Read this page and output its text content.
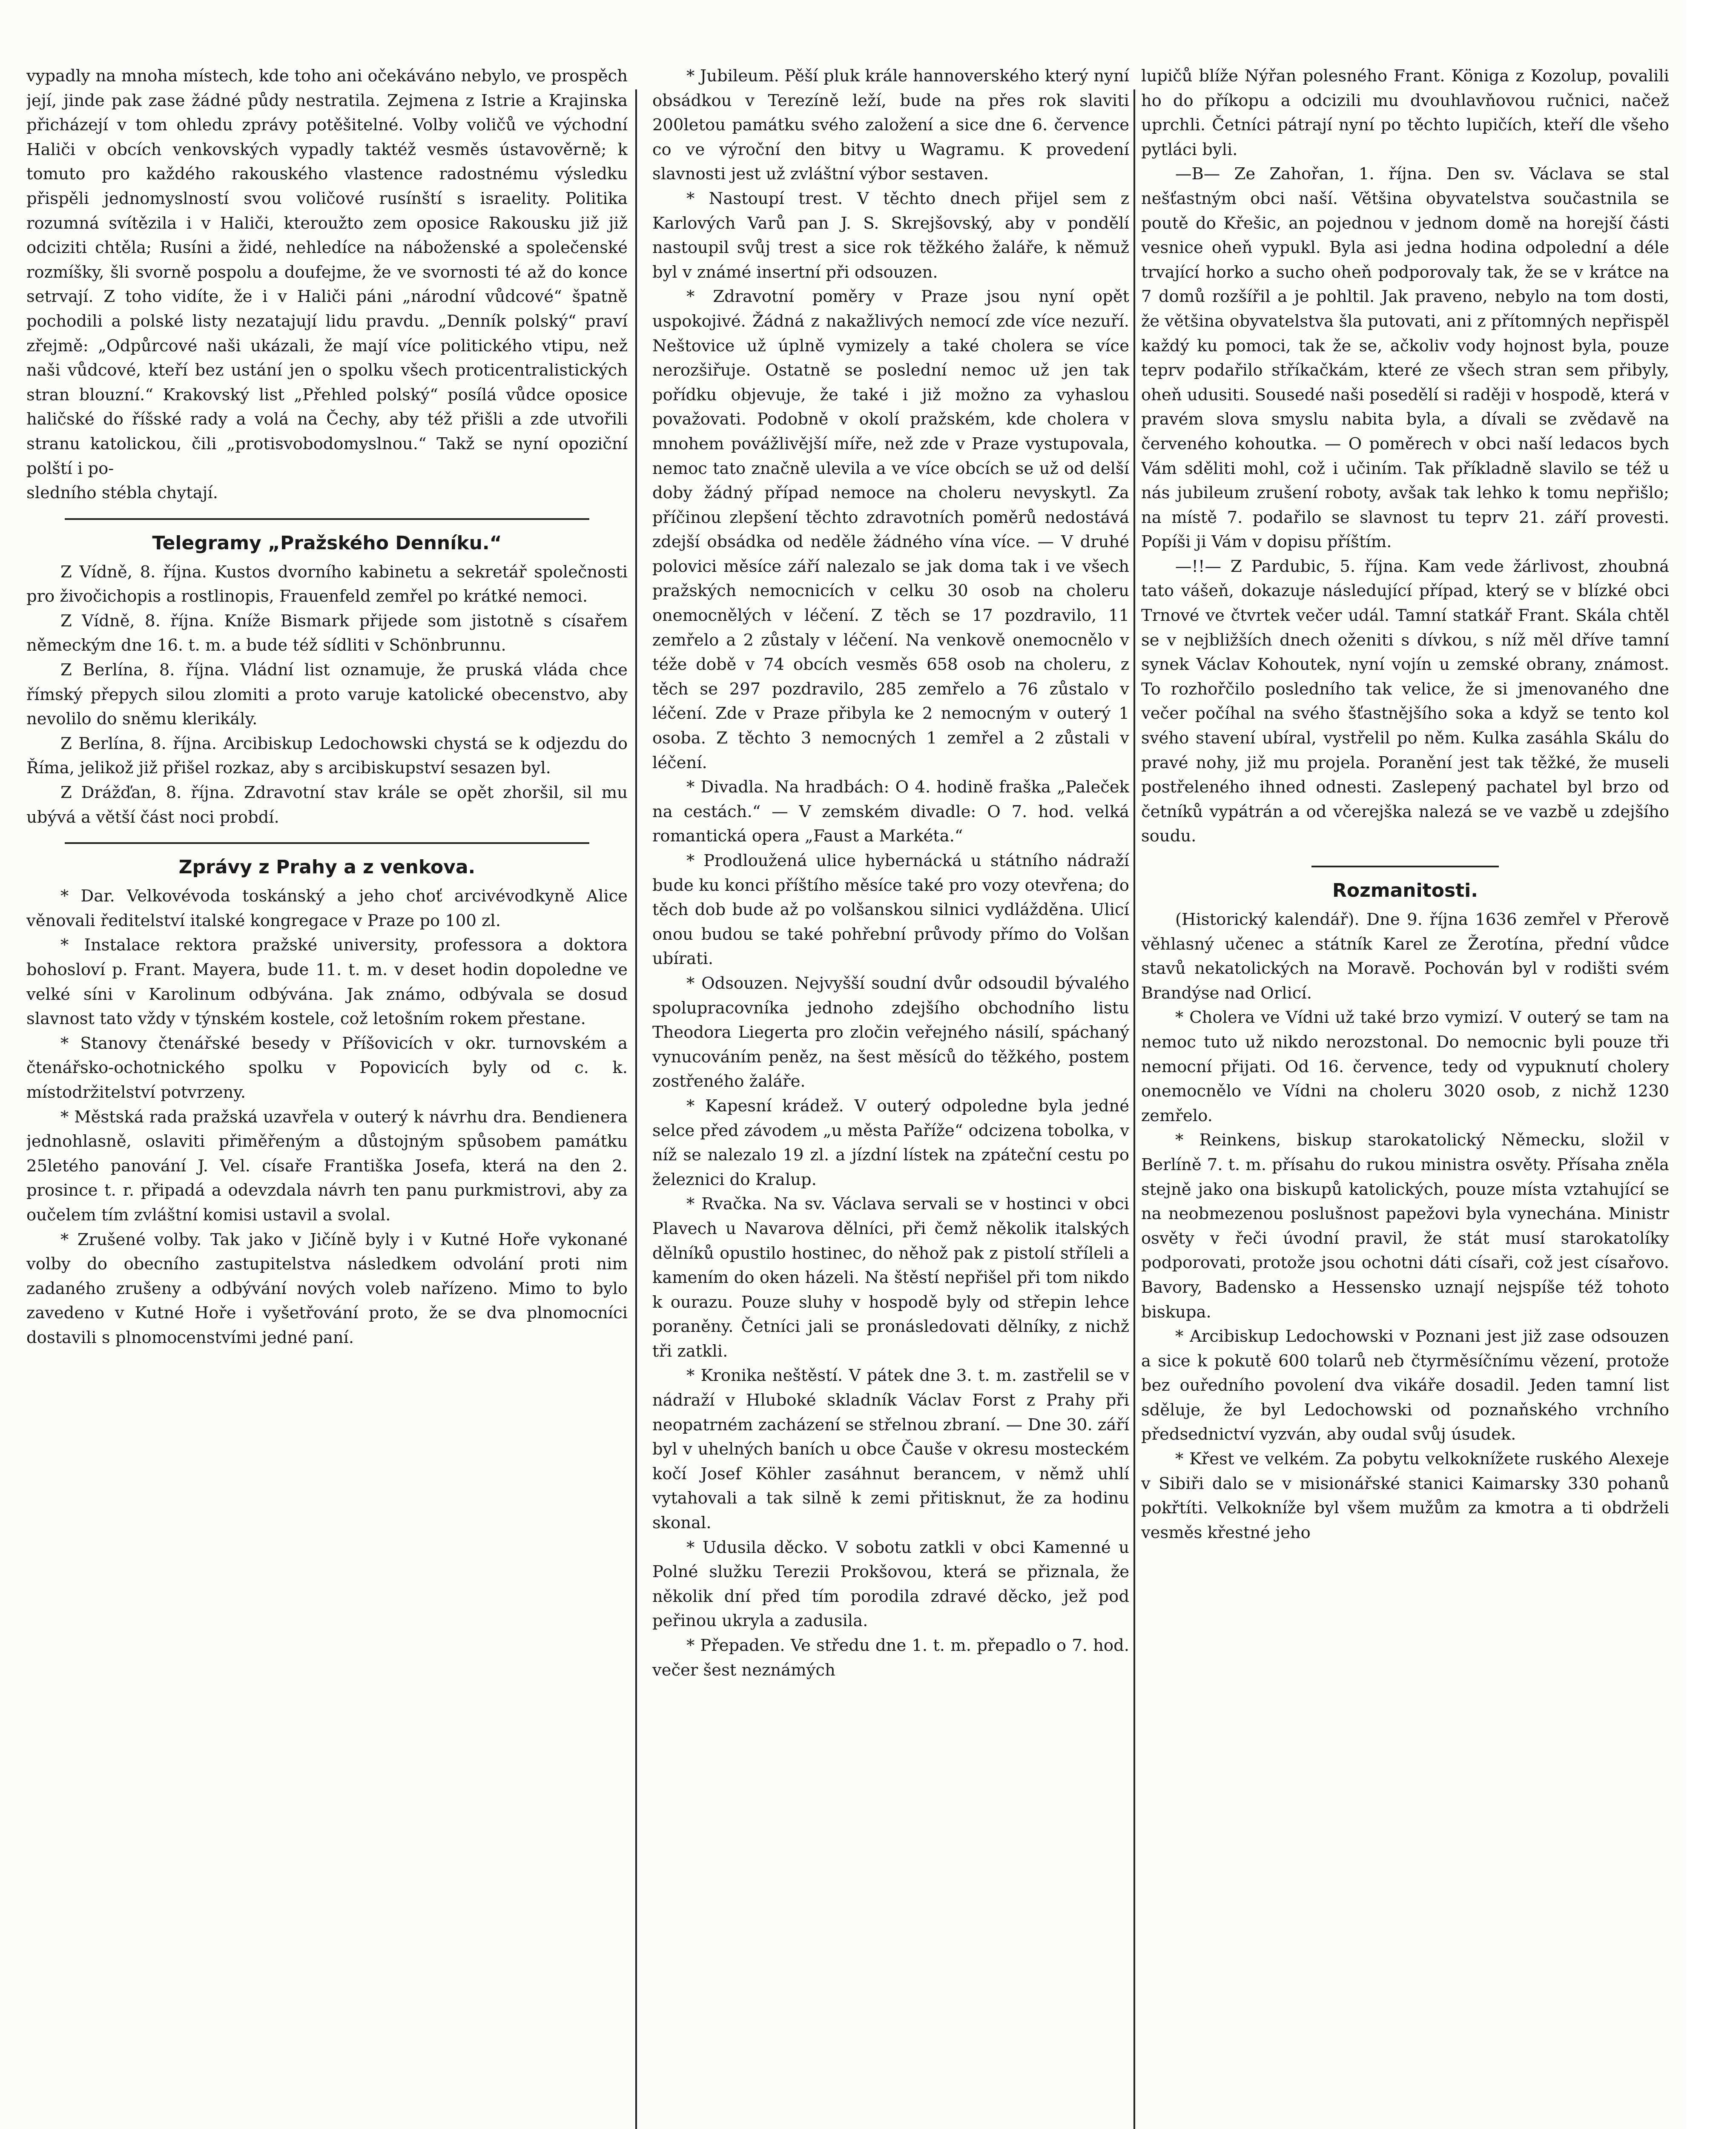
vypadly na mnoha místech, kde toho ani očekáváno nebylo, ve prospěch její, jinde pak zase žádné půdy nestratila. Zejmena z Istrie a Krajinska přicházejí v tom ohledu zprávy potěšitelné. Volby voličů ve východní Haliči v obcích venkovských vypadly taktéž vesměs ústavověrně; k tomuto pro každého rakouského vlastence radostnému výsledku přispěli jednomyslností svou voličové rusínští s israelity. Politika rozumná svítězila i v Haliči, kteroužto zem oposice Rakousku již již odciziti chtěla; Rusíni a židé, nehledíce na náboženské a společenské rozmíšky, šli svorně pospolu a doufejme, že ve svornosti té až do konce setrvají. Z toho vidíte, že i v Haliči páni „národní vůdcové“ špatně pochodili a polské listy nezatajují lidu pravdu. „Denník polský“ praví zřejmě: „Odpůrcové naši ukázali, že mají více politického vtipu, než naši vůdcové, kteří bez ustání jen o spolku všech proticentralistických stran blouzní.“ Krakovský list „Přehled polský“ posílá vůdce oposice haličské do říšské rady a volá na Čechy, aby též přišli a zde utvořili stranu katolickou, čili „protisvobodomyslnou.“ Takž se nyní opoziční polští i po-

sledního stébla chytají.

Telegramy „Pražského Denníku.“

Z Vídně, 8. října. Kustos dvorního kabinetu a sekretář společnosti pro živočichopis a rostlinopis, Frauenfeld zemřel po krátké nemoci.

Z Vídně, 8. října. Kníže Bismark přijede som jistotně s císařem německým dne 16. t. m. a bude též sídliti v Schönbrunnu.

Z Berlína, 8. října. Vládní list oznamuje, že pruská vláda chce římský přepych silou zlomiti a proto varuje katolické obecenstvo, aby nevolilo do sněmu klerikály.

Z Berlína, 8. října. Arcibiskup Ledochowski chystá se k odjezdu do Říma, jelikož již přišel rozkaz, aby s arcibiskupství sesazen byl.

Z Drážďan, 8. října. Zdravotní stav krále se opět zhoršil, sil mu ubývá a větší část noci probdí.

Zprávy z Prahy a z venkova.

* Dar. Velkovévoda toskánský a jeho choť arcivévodkyně Alice věnovali ředitelství italské kongregace v Praze po 100 zl.

* Instalace rektora pražské university, professora a doktora bohosloví p. Frant. Mayera, bude 11. t. m. v deset hodin dopoledne ve velké síni v Karolinum odbývána. Jak známo, odbývala se dosud slavnost tato vždy v týnském kostele, což letošním rokem přestane.

* Stanovy čtenářské besedy v Příšovicích v okr. turnovském a čtenářsko-ochotnického spolku v Popovicích byly od c. k. místodržitelství potvrzeny.

* Městská rada pražská uzavřela v outerý k návrhu dra. Bendienera jednohlasně, oslaviti přiměřeným a důstojným spůsobem památku 25letého panování J. Vel. císaře Františka Josefa, která na den 2. prosince t. r. připadá a odevzdala návrh ten panu purkmistrovi, aby za oučelem tím zvláštní komisi ustavil a svolal.

* Zrušené volby. Tak jako v Jičíně byly i v Kutné Hoře vykonané volby do obecního zastupitelstva následkem odvolání proti nim zadaného zrušeny a odbývání nových voleb nařízeno. Mimo to bylo zavedeno v Kutné Hoře i vyšetřování proto, že se dva plnomocníci dostavili s plnomocenstvími jedné paní.

* Jubileum. Pěší pluk krále hannoverského který nyní obsádkou v Terezíně leží, bude na přes rok slaviti 200letou památku svého založení a sice dne 6. července co ve výroční den bitvy u Wagramu. K provedení slavnosti jest už zvláštní výbor sestaven.

* Nastoupí trest. V těchto dnech přijel sem z Karlových Varů pan J. S. Skrejšovský, aby v pondělí nastoupil svůj trest a sice rok těžkého žaláře, k němuž byl v známé insertní při odsouzen.

* Zdravotní poměry v Praze jsou nyní opět uspokojivé. Žádná z nakažlivých nemocí zde více nezuří. Neštovice už úplně vymizely a také cholera se více nerozšiřuje. Ostatně se poslední nemoc už jen tak pořídku objevuje, že také i již možno za vyhaslou považovati. Podobně v okolí pražském, kde cholera v mnohem povážlivější míře, než zde v Praze vystupovala, nemoc tato značně ulevila a ve více obcích se už od delší doby žádný případ nemoce na choleru nevyskytl. Za příčinou zlepšení těchto zdravotních poměrů nedostává zdejší obsádka od neděle žádného vína více. — V druhé polovici měsíce září nalezalo se jak doma tak i ve všech pražských nemocnicích v celku 30 osob na choleru onemocnělých v léčení. Z těch se 17 pozdravilo, 11 zemřelo a 2 zůstaly v léčení. Na venkově onemocnělo v téže době v 74 obcích vesměs 658 osob na choleru, z těch se 297 pozdravilo, 285 zemřelo a 76 zůstalo v léčení. Zde v Praze přibyla ke 2 nemocným v outerý 1 osoba. Z těchto 3 nemocných 1 zemřel a 2 zůstali v léčení.

* Divadla. Na hradbách: O 4. hodině fraška „Paleček na cestách.“ — V zemském divadle: O 7. hod. velká romantická opera „Faust a Markéta.“

* Prodloužená ulice hybernácká u státního nádraží bude ku konci příštího měsíce také pro vozy otevřena; do těch dob bude až po volšanskou silnici vydlážděna. Ulicí onou budou se také pohřební průvody přímo do Volšan ubírati.

* Odsouzen. Nejvyšší soudní dvůr odsoudil bývalého spolupracovníka jednoho zdejšího obchodního listu Theodora Liegerta pro zločin veřejného násilí, spáchaný vynucováním peněz, na šest měsíců do těžkého, postem zostřeného žaláře.

* Kapesní krádež. V outerý odpoledne byla jedné selce před závodem „u města Paříže“ odcizena tobolka, v níž se nalezalo 19 zl. a jízdní lístek na zpáteční cestu po železnici do Kralup.

* Rvačka. Na sv. Václava servali se v hostinci v obci Plavech u Navarova dělníci, při čemž několik italských dělníků opustilo hostinec, do něhož pak z pistolí stříleli a kamením do oken házeli. Na štěstí nepřišel při tom nikdo k ourazu. Pouze sluhy v hospodě byly od střepin lehce poraněny. Četníci jali se pronásledovati dělníky, z nichž tři zatkli.

* Kronika neštěstí. V pátek dne 3. t. m. zastřelil se v nádraží v Hluboké skladník Václav Forst z Prahy při neopatrném zacházení se střelnou zbraní. — Dne 30. září byl v uhelných baních u obce Čauše v okresu mosteckém kočí Josef Köhler zasáhnut berancem, v němž uhlí vytahovali a tak silně k zemi přitisknut, že za hodinu skonal.

* Udusila děcko. V sobotu zatkli v obci Kamenné u Polné služku Terezii Prokšovou, která se přiznala, že několik dní před tím porodila zdravé děcko, jež pod peřinou ukryla a zadusila.

* Přepaden. Ve středu dne 1. t. m. přepadlo o 7. hod. večer šest neznámých

lupičů blíže Nýřan polesného Frant. Königa z Kozolup, povalili ho do příkopu a odcizili mu dvouhlavňovou ručnici, načež uprchli. Četníci pátrají nyní po těchto lupičích, kteří dle všeho pytláci byli.

—B— Ze Zahořan, 1. října. Den sv. Václava se stal nešťastným obci naší. Většina obyvatelstva součastnila se poutě do Křešic, an pojednou v jednom domě na horejší části vesnice oheň vypukl. Byla asi jedna hodina odpolední a déle trvající horko a sucho oheň podporovaly tak, že se v krátce na 7 domů rozšířil a je pohltil. Jak praveno, nebylo na tom dosti, že většina obyvatelstva šla putovati, ani z přítomných nepřispěl každý ku pomoci, tak že se, ačkoliv vody hojnost byla, pouze teprv podařilo stříkačkám, které ze všech stran sem přibyly, oheň udusiti. Sousedé naši posedělí si raději v hospodě, která v pravém slova smyslu nabita byla, a dívali se zvědavě na červeného kohoutka. — O poměrech v obci naší ledacos bych Vám sděliti mohl, což i učiním. Tak příkladně slavilo se též u nás jubileum zrušení roboty, avšak tak lehko k tomu nepřišlo; na místě 7. podařilo se slavnost tu teprv 21. září provesti. Popíši ji Vám v dopisu příštím.

—!!— Z Pardubic, 5. října. Kam vede žárlivost, zhoubná tato vášeň, dokazuje následující případ, který se v blízké obci Trnové ve čtvrtek večer udál. Tamní statkář Frant. Skála chtěl se v nejbližších dnech oženiti s dívkou, s níž měl dříve tamní synek Václav Kohoutek, nyní vojín u zemské obrany, známost. To rozhořčilo posledního tak velice, že si jmenovaného dne večer počíhal na svého šťastnějšího soka a když se tento kol svého stavení ubíral, vystřelil po něm. Kulka zasáhla Skálu do pravé nohy, již mu projela. Poranění jest tak těžké, že museli postřeleného ihned odnesti. Zaslepený pachatel byl brzo od četníků vypátrán a od včerejška nalezá se ve vazbě u zdejšího soudu.

Rozmanitosti.

(Historický kalendář). Dne 9. října 1636 zemřel v Přerově věhlasný učenec a státník Karel ze Žerotína, přední vůdce stavů nekatolických na Moravě. Pochován byl v rodišti svém Brandýse nad Orlicí.

* Cholera ve Vídni už také brzo vymizí. V outerý se tam na nemoc tuto už nikdo nerozstonal. Do nemocnic byli pouze tři nemocní přijati. Od 16. července, tedy od vypuknutí cholery onemocnělo ve Vídni na choleru 3020 osob, z nichž 1230 zemřelo.

* Reinkens, biskup starokatolický Německu, složil v Berlíně 7. t. m. přísahu do rukou ministra osvěty. Přísaha zněla stejně jako ona biskupů katolických, pouze místa vztahující se na neobmezenou poslušnost papežovi byla vynechána. Ministr osvěty v řeči úvodní pravil, že stát musí starokatolíky podporovati, protože jsou ochotni dáti císaři, což jest císařovo. Bavory, Badensko a Hessensko uznají nejspíše též tohoto biskupa.

* Arcibiskup Ledochowski v Poznani jest již zase odsouzen a sice k pokutě 600 tolarů neb čtyrměsíčnímu vězení, protože bez ouředního povolení dva vikáře dosadil. Jeden tamní list sděluje, že byl Ledochowski od poznaňského vrchního předsednictví vyzván, aby oudal svůj úsudek.

* Křest ve velkém. Za pobytu velkoknížete ruského Alexeje v Sibiři dalo se v misionářské stanici Kaimarsky 330 pohanů pokřtíti. Velkokníže byl všem mužům za kmotra a ti obdrželi vesměs křestné jeho
